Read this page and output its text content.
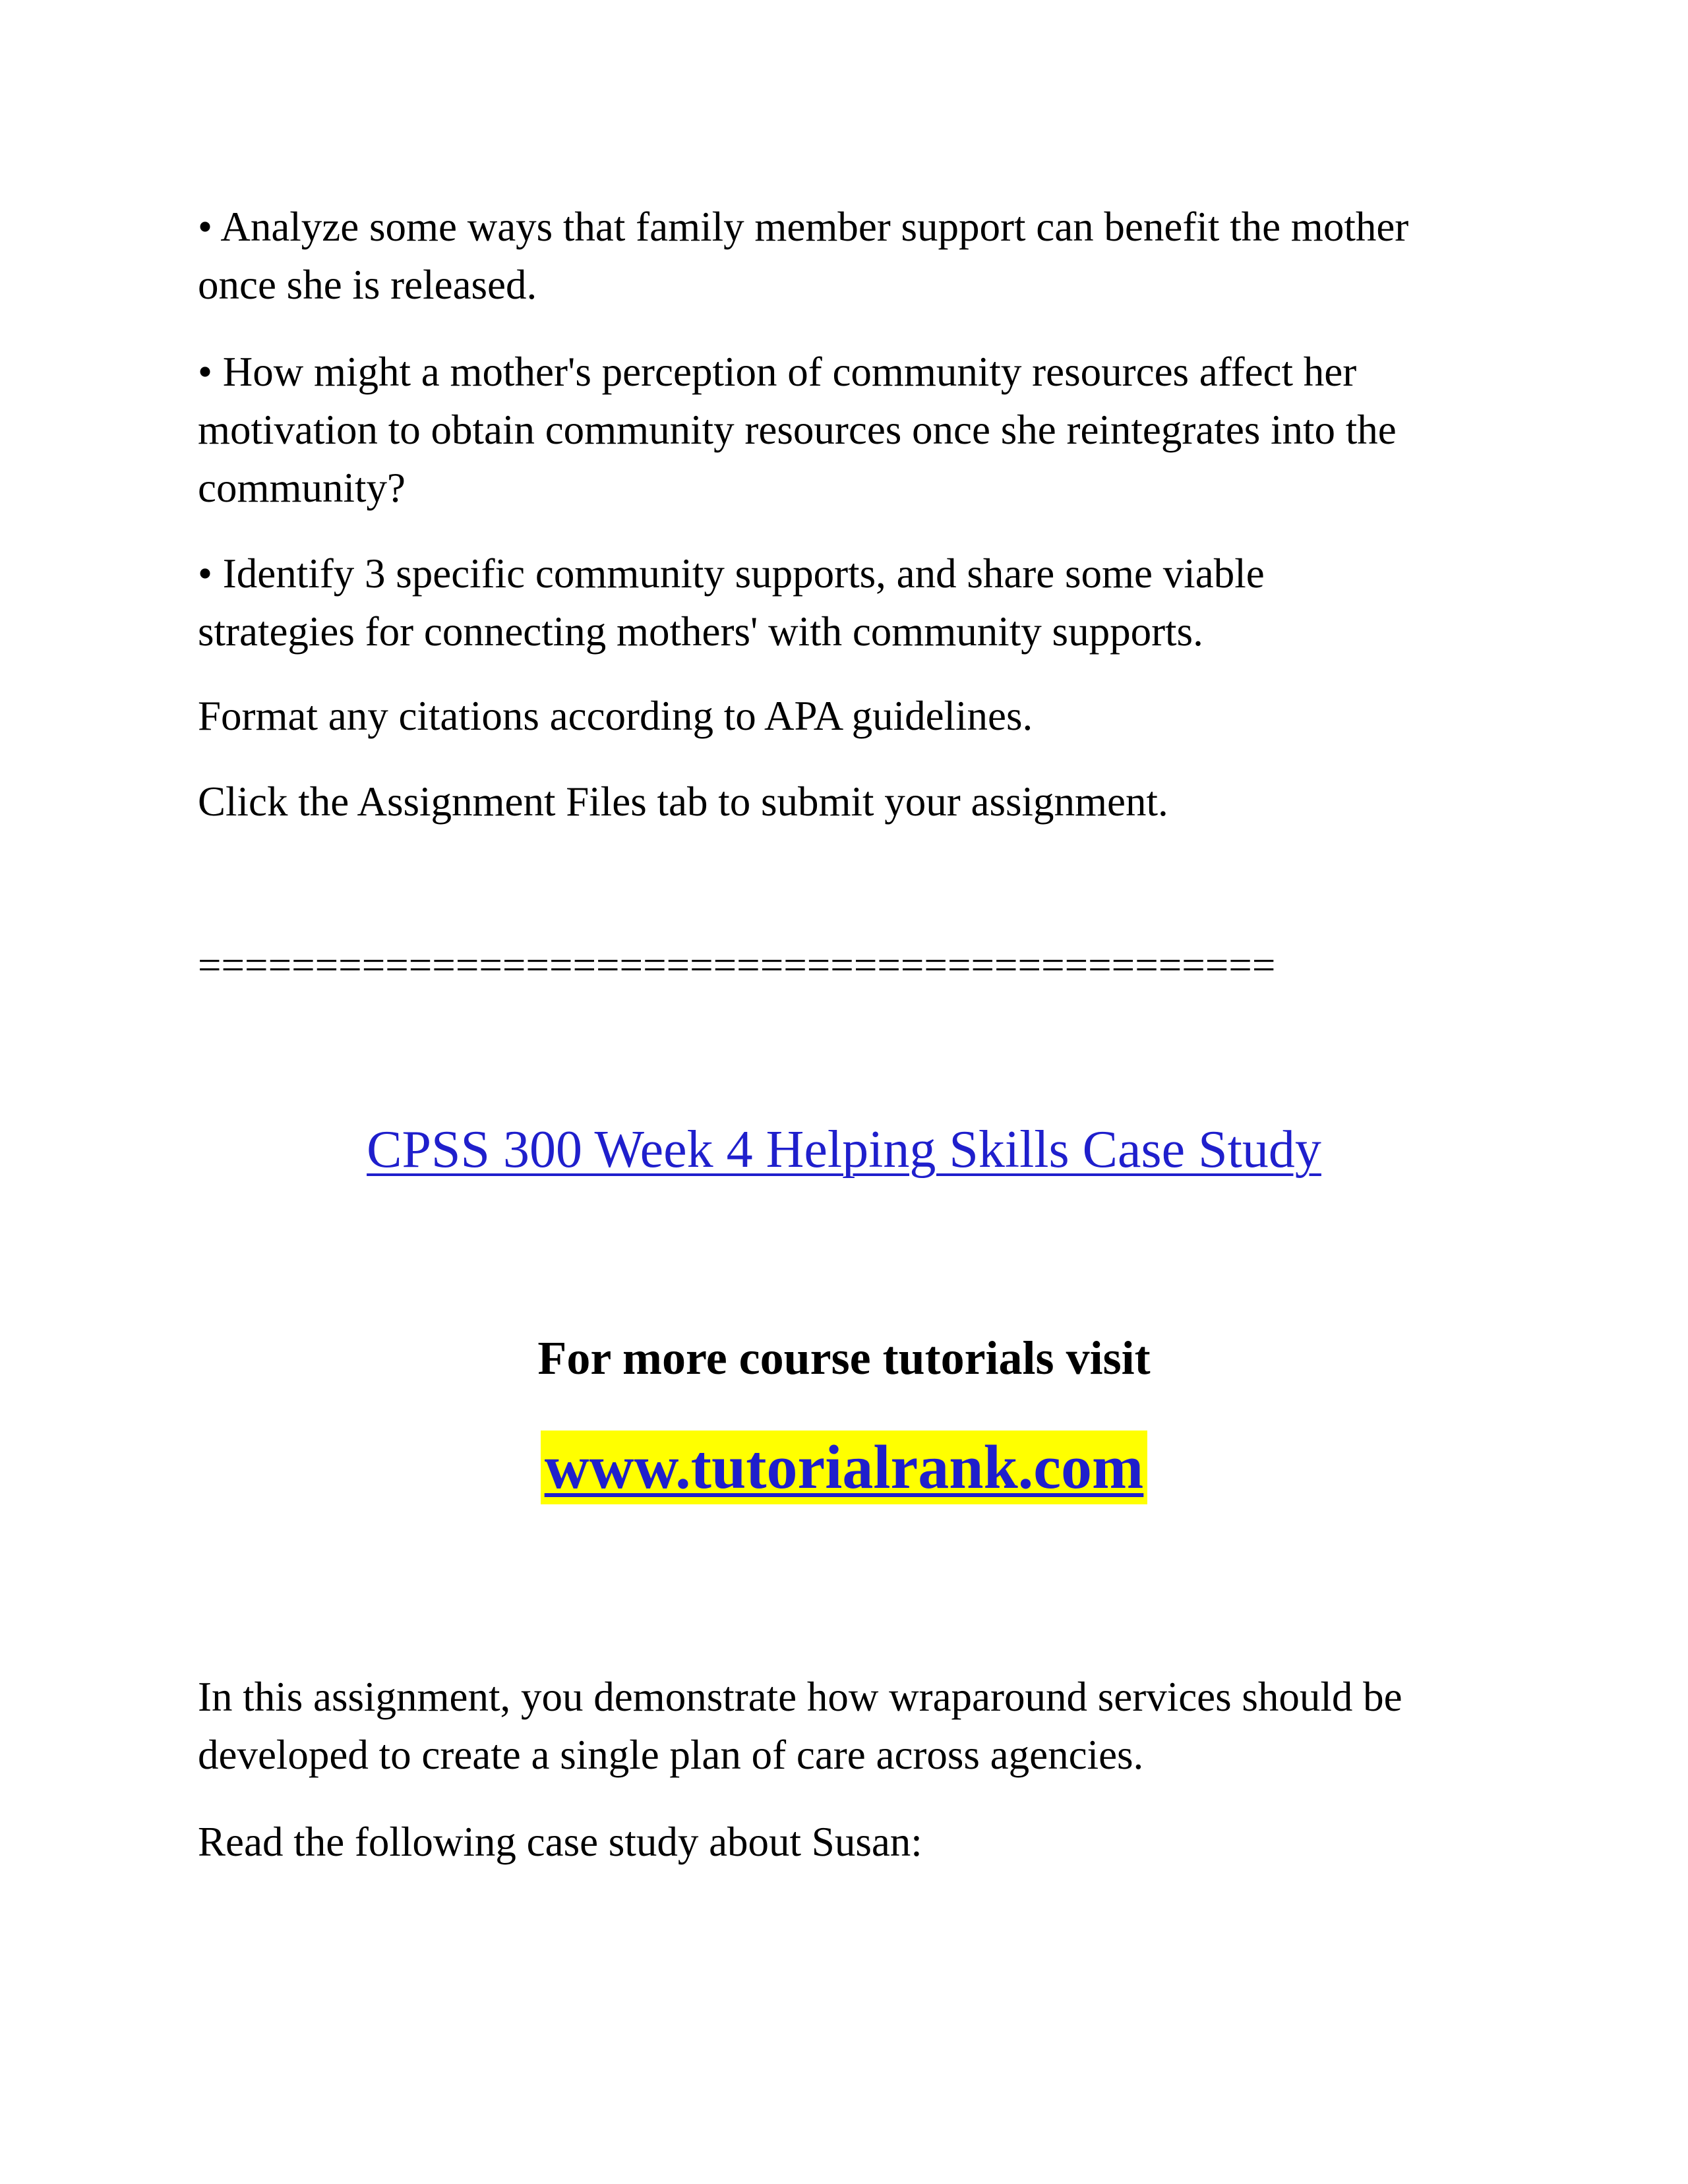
• Analyze some ways that family member support can benefit the mother
once she is released.

• How might a mother's perception of community resources affect her
motivation to obtain community resources once she reintegrates into the
community?

• Identify 3 specific community supports, and share some viable
strategies for connecting mothers' with community supports.

Format any citations according to APA guidelines.

Click the Assignment Files tab to submit your assignment.

==============================================
CPSS 300 Week 4 Helping Skills Case Study
For more course tutorials visit
www.tutorialrank.com

In this assignment, you demonstrate how wraparound services should be
developed to create a single plan of care across agencies.

Read the following case study about Susan:
